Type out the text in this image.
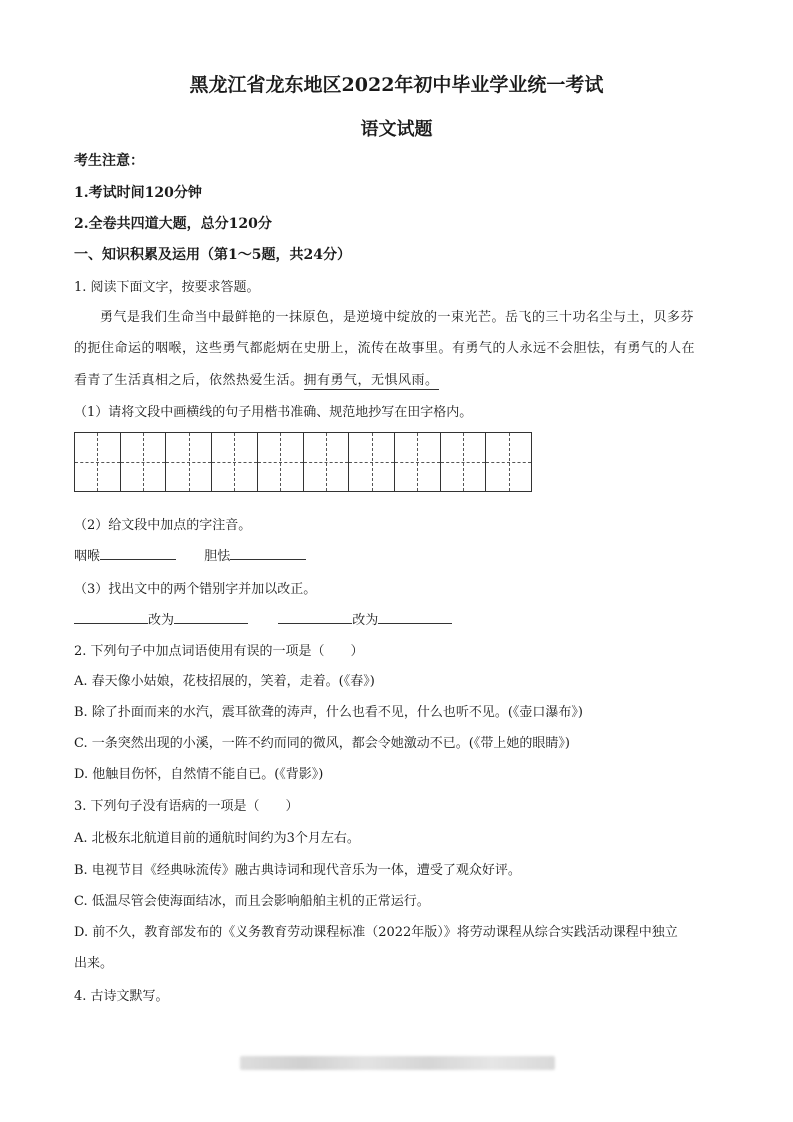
黑龙江省龙东地区2022年初中毕业学业统一考试
语文试题
考生注意：
1.考试时间120分钟
2.全卷共四道大题，总分120分
一、知识积累及运用（第1～5题，共24分）
1. 阅读下面文字，按要求答题。
勇气是我们生命当中最鲜艳的一抹原色，是逆境中绽放的一束光芒。岳飞的三十功名尘与土，贝多芬
的扼住命运的咽喉，这些勇气都彪炳在史册上，流传在故事里。有勇气的人永远不会胆怯，有勇气的人在
看青了生活真相之后，依然热爱生活。拥有勇气，无惧风雨。
（1）请将文段中画横线的句子用楷书准确、规范地抄写在田字格内。
（2）给文段中加点的字注音。
咽喉	胆怯
（3）找出文中的两个错别字并加以改正。
改为	改为
2. 下列句子中加点词语使用有误的一项是（　　）
A. 春天像小姑娘，花枝招展的，笑着，走着。(《春》)
B. 除了扑面而来的水汽，震耳欲聋的涛声，什么也看不见，什么也听不见。(《壶口瀑布》)
C. 一条突然出现的小溪，一阵不约而同的微风，都会令她激动不已。(《带上她的眼睛》)
D. 他触目伤怀，自然情不能自已。(《背影》)
3. 下列句子没有语病的一项是（　　）
A. 北极东北航道目前的通航时间约为3个月左右。
B. 电视节目《经典咏流传》融古典诗词和现代音乐为一体，遭受了观众好评。
C. 低温尽管会使海面结冰，而且会影响船舶主机的正常运行。
D. 前不久，教育部发布的《义务教育劳动课程标准（2022年版）》将劳动课程从综合实践活动课程中独立
出来。
4. 古诗文默写。
